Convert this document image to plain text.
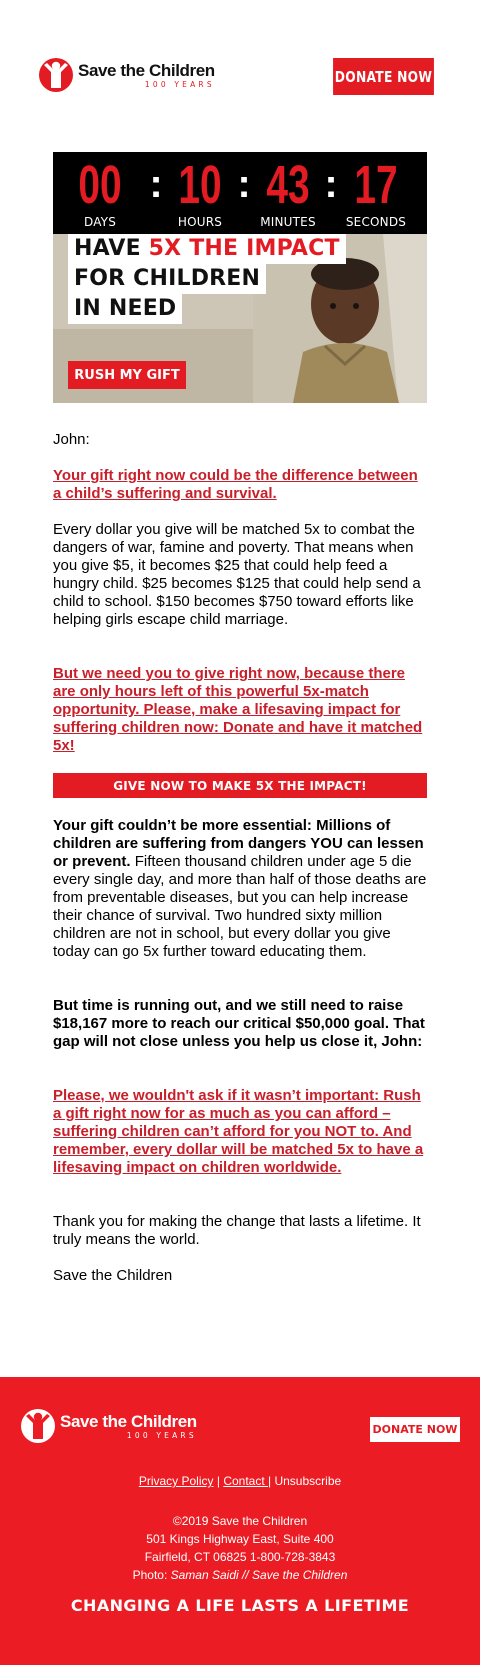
Save the Children
100 YEARS	DONATE NOW
00
DAYS
: 10
HOURS
: 43
MINUTES
: 17
SECONDS
HAVE 5X THE IMPACT
FOR CHILDREN
IN NEED
RUSH MY GIFT
John:
Your gift right now could be the difference between a child’s suffering and survival.
Every dollar you give will be matched 5x to combat the dangers of war, famine and poverty. That means when you give $5, it becomes $25 that could help feed a hungry child. $25 becomes $125 that could help send a child to school. $150 becomes $750 toward efforts like helping girls escape child marriage.
But we need you to give right now, because there are only hours left of this powerful 5x-match opportunity. Please, make a lifesaving impact for suffering children now: Donate and have it matched 5x!
GIVE NOW TO MAKE 5X THE IMPACT!
Your gift couldn’t be more essential: Millions of children are suffering from dangers YOU can lessen or prevent. Fifteen thousand children under age 5 die every single day, and more than half of those deaths are from preventable diseases, but you can help increase their chance of survival. Two hundred sixty million children are not in school, but every dollar you give today can go 5x further toward educating them.
But time is running out, and we still need to raise $18,167 more to reach our critical $50,000 goal. That gap will not close unless you help us close it, John:
Please, we wouldn't ask if it wasn’t important: Rush a gift right now for as much as you can afford – suffering children can’t afford for you NOT to. And remember, every dollar will be matched 5x to have a lifesaving impact on children worldwide.
Thank you for making the change that lasts a lifetime. It truly means the world.
Save the Children
Save the Children
100 YEARS	DONATE NOW
Privacy Policy | Contact | Unsubscribe
©2019 Save the Children
501 Kings Highway East, Suite 400
Fairfield, CT 06825 1-800-728-3843
Photo: Saman Saidi // Save the Children
CHANGING A LIFE LASTS A LIFETIME
